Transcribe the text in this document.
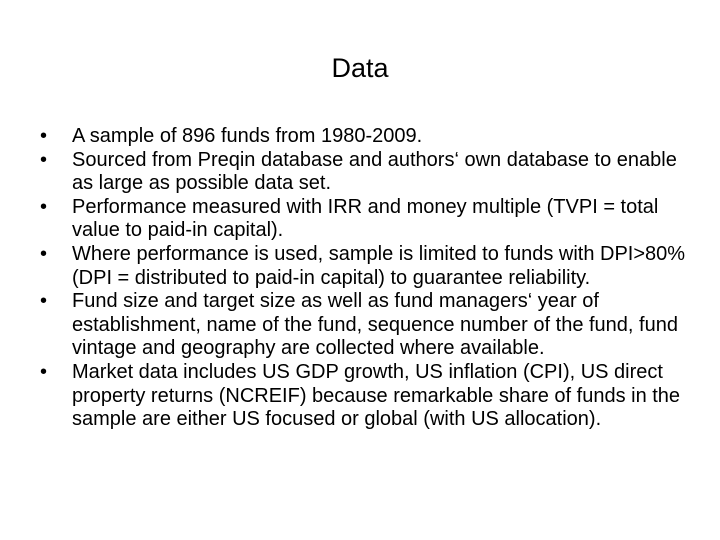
Data
•	A sample of 896 funds from 1980-2009.
•	Sourced from Preqin database and authors‘ own database to enable as large as possible data set.
•	Performance measured with IRR and money multiple (TVPI = total value to paid-in capital).
•	Where performance is used, sample is limited to funds with DPI>80% (DPI = distributed to paid-in capital) to guarantee reliability.
•	Fund size and target size as well as fund managers‘ year of establishment, name of the fund, sequence number of the fund, fund vintage and geography are collected where available.
•	Market data includes US GDP growth, US inflation (CPI), US direct property returns (NCREIF) because remarkable share of funds in the sample are either US focused or global (with US allocation).
